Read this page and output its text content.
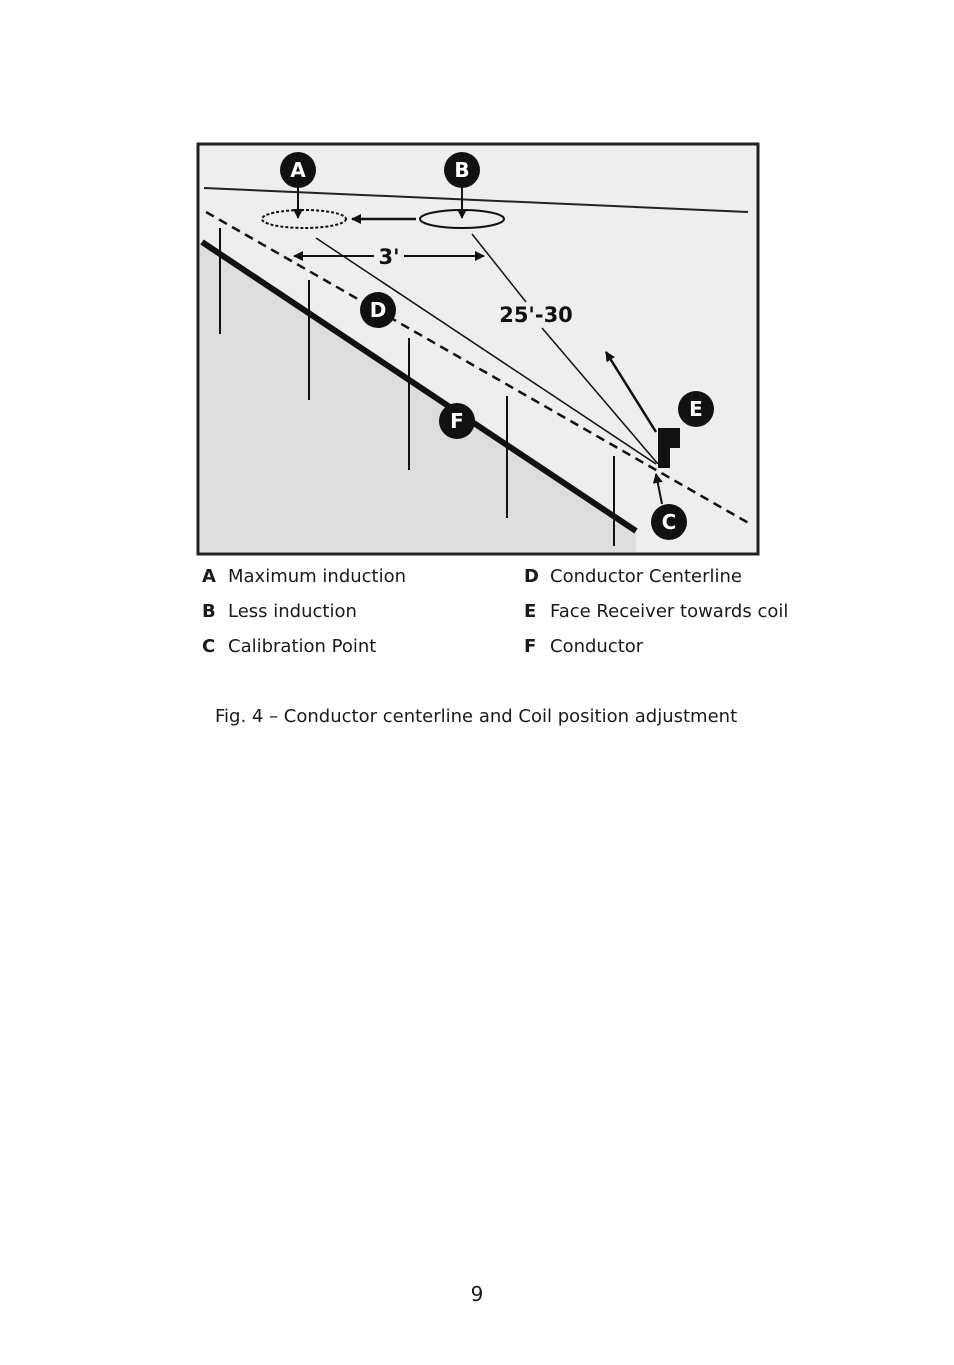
A	B
3'
25'-30
E
C
D
F
A Maximum induction
B Less induction
C Calibration Point
D Conductor Centerline
E Face Receiver towards coil
F Conductor
Fig. 4 – Conductor centerline and Coil position adjustment
9
